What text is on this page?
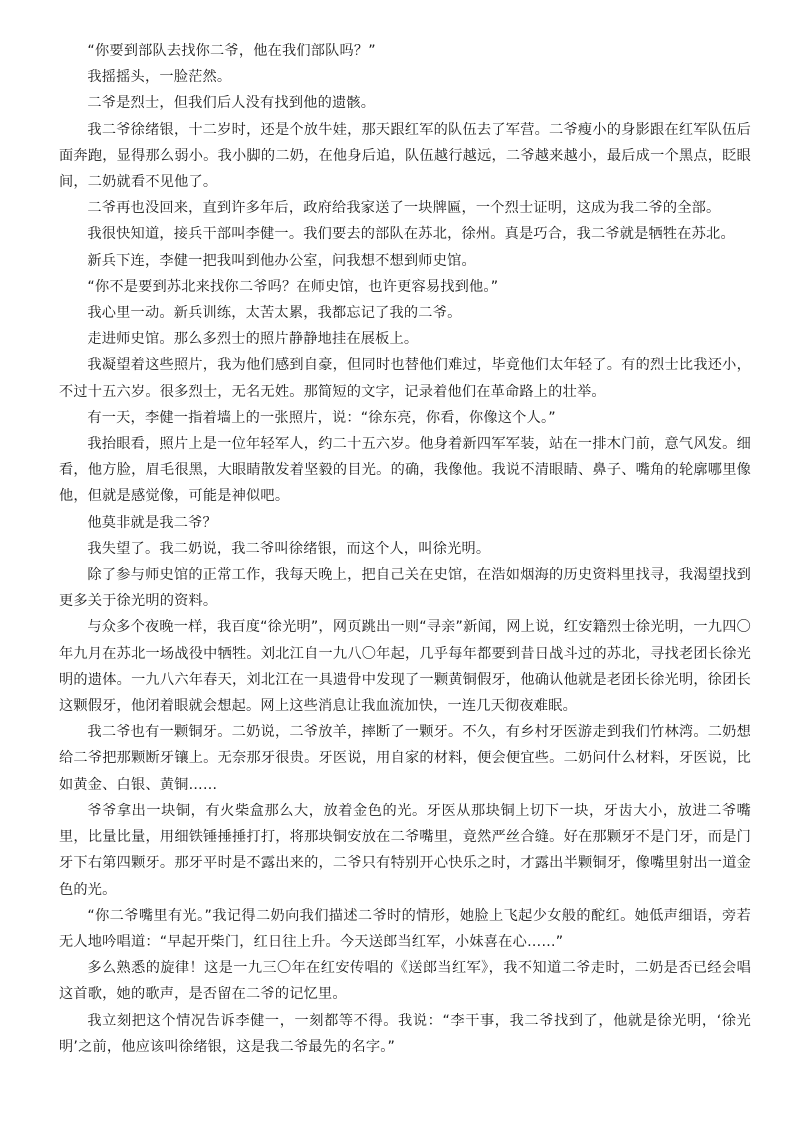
“你要到部队去找你二爷，他在我们部队吗？”

我摇摇头，一脸茫然。

二爷是烈士，但我们后人没有找到他的遗骸。

我二爷徐绪银，十二岁时，还是个放牛娃，那天跟红军的队伍去了军营。二爷瘦小的身影跟在红军队伍后面奔跑，显得那么弱小。我小脚的二奶，在他身后追，队伍越行越远，二爷越来越小，最后成一个黑点，眨眼间，二奶就看不见他了。

二爷再也没回来，直到许多年后，政府给我家送了一块牌匾，一个烈士证明，这成为我二爷的全部。

我很快知道，接兵干部叫李健一。我们要去的部队在苏北，徐州。真是巧合，我二爷就是牺牲在苏北。

新兵下连，李健一把我叫到他办公室，问我想不想到师史馆。

“你不是要到苏北来找你二爷吗？在师史馆，也许更容易找到他。”

我心里一动。新兵训练，太苦太累，我都忘记了我的二爷。

走进师史馆。那么多烈士的照片静静地挂在展板上。

我凝望着这些照片，我为他们感到自豪，但同时也替他们难过，毕竟他们太年轻了。有的烈士比我还小，不过十五六岁。很多烈士，无名无姓。那简短的文字，记录着他们在革命路上的壮举。

有一天，李健一指着墙上的一张照片，说：“徐东亮，你看，你像这个人。”

我抬眼看，照片上是一位年轻军人，约二十五六岁。他身着新四军军装，站在一排木门前，意气风发。细看，他方脸，眉毛很黑，大眼睛散发着坚毅的目光。的确，我像他。我说不清眼睛、鼻子、嘴角的轮廓哪里像他，但就是感觉像，可能是神似吧。

他莫非就是我二爷？

我失望了。我二奶说，我二爷叫徐绪银，而这个人，叫徐光明。

除了参与师史馆的正常工作，我每天晚上，把自己关在史馆，在浩如烟海的历史资料里找寻，我渴望找到更多关于徐光明的资料。

与众多个夜晚一样，我百度“徐光明”，网页跳出一则“寻亲”新闻，网上说，红安籍烈士徐光明，一九四〇年九月在苏北一场战役中牺牲。刘北江自一九八〇年起，几乎每年都要到昔日战斗过的苏北，寻找老团长徐光明的遗体。一九八六年春天，刘北江在一具遗骨中发现了一颗黄铜假牙，他确认他就是老团长徐光明，徐团长这颗假牙，他闭着眼就会想起。网上这些消息让我血流加快，一连几天彻夜难眠。

我二爷也有一颗铜牙。二奶说，二爷放羊，摔断了一颗牙。不久，有乡村牙医游走到我们竹林湾。二奶想给二爷把那颗断牙镶上。无奈那牙很贵。牙医说，用自家的材料，便会便宜些。二奶问什么材料，牙医说，比如黄金、白银、黄铜……

爷爷拿出一块铜，有火柴盒那么大，放着金色的光。牙医从那块铜上切下一块，牙齿大小，放进二爷嘴里，比量比量，用细铁锤捶捶打打，将那块铜安放在二爷嘴里，竟然严丝合缝。好在那颗牙不是门牙，而是门牙下右第四颗牙。那牙平时是不露出来的，二爷只有特别开心快乐之时，才露出半颗铜牙，像嘴里射出一道金色的光。

“你二爷嘴里有光。”我记得二奶向我们描述二爷时的情形，她脸上飞起少女般的酡红。她低声细语，旁若无人地吟唱道：“早起开柴门，红日往上升。今天送郎当红军，小妹喜在心……”

多么熟悉的旋律！这是一九三〇年在红安传唱的《送郎当红军》，我不知道二爷走时，二奶是否已经会唱这首歌，她的歌声，是否留在二爷的记忆里。

我立刻把这个情况告诉李健一，一刻都等不得。我说：“李干事，我二爷找到了，他就是徐光明，‘徐光明’之前，他应该叫徐绪银，这是我二爷最先的名字。”
